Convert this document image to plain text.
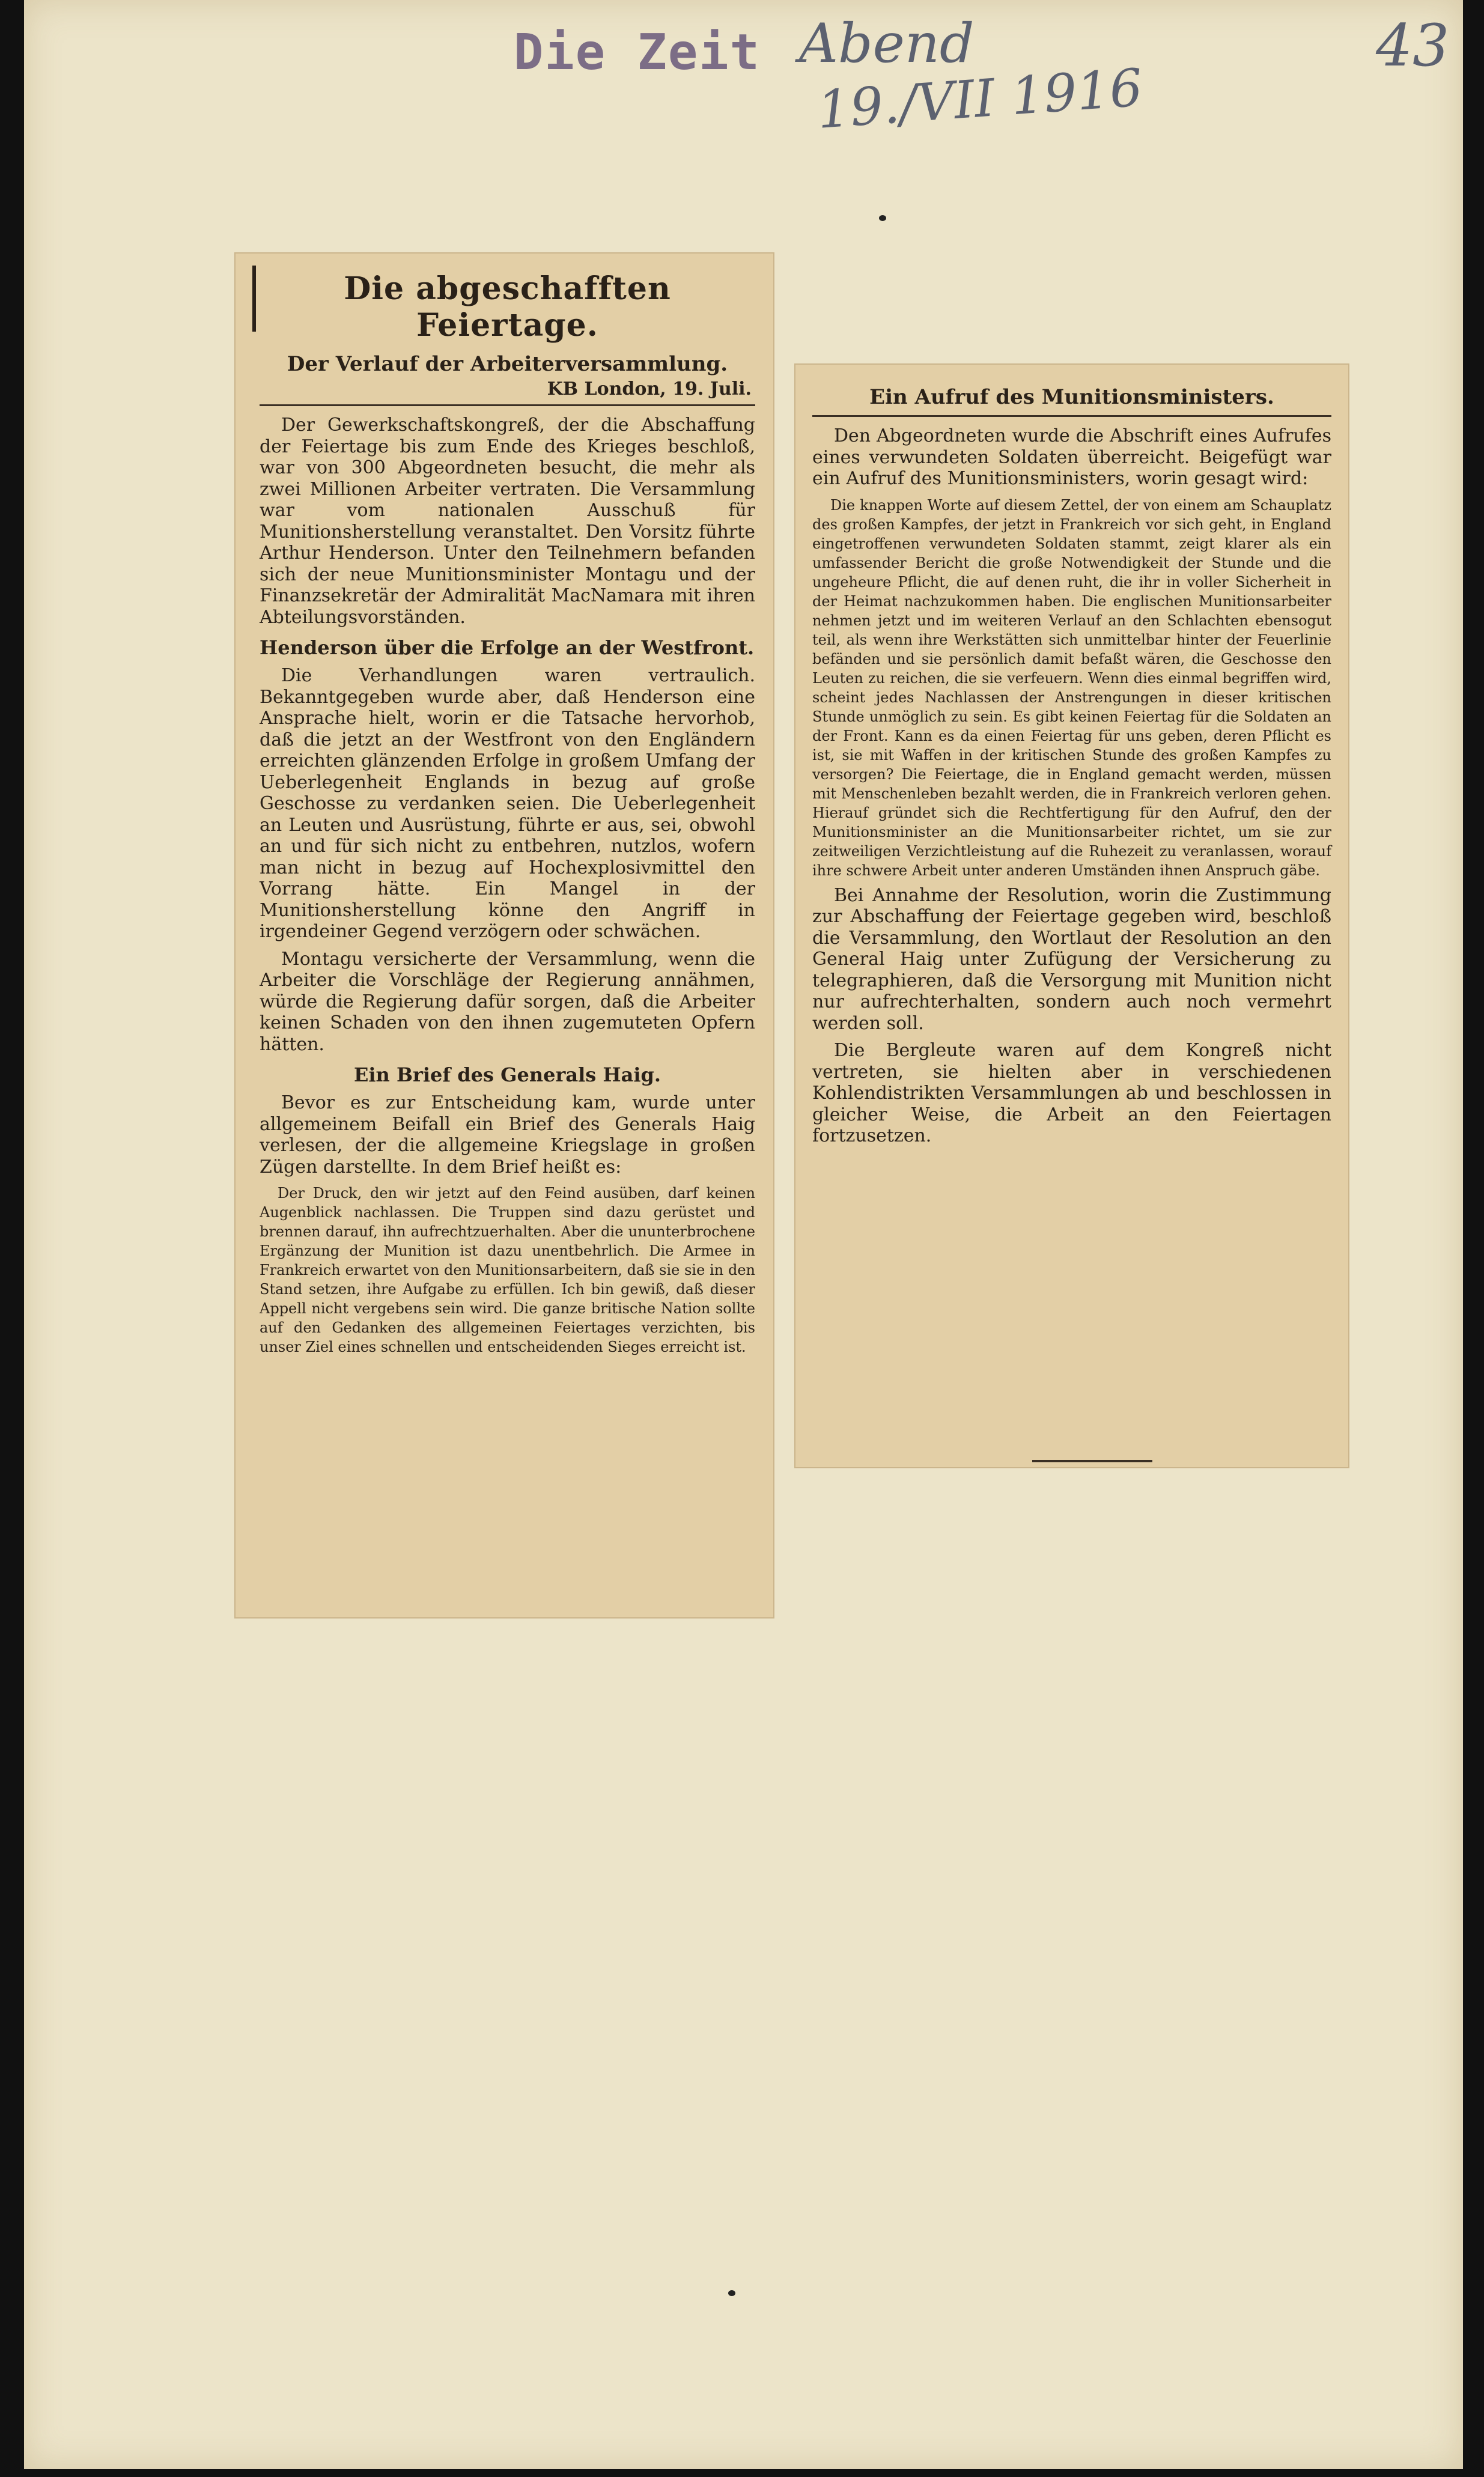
Die Zeit Abend
19./VII 1916
43
Die abgeschafften Feiertage.
Der Verlauf der Arbeiterversammlung.
KB London, 19. Juli.

Der Gewerkschaftskongreß, der die Abschaffung der Feiertage bis zum Ende des Krieges beschloß, war von 300 Abgeordneten besucht, die mehr als zwei Millionen Arbeiter vertraten. Die Versammlung war vom nationalen Ausschuß für Munitionsherstellung veranstaltet. Den Vorsitz führte Arthur Henderson. Unter den Teilnehmern befanden sich der neue Munitionsminister Montagu und der Finanzsekretär der Admiralität MacNamara mit ihren Abteilungsvorständen.

Henderson über die Erfolge an der Westfront.

Die Verhandlungen waren vertraulich. Bekanntgegeben wurde aber, daß Henderson eine Ansprache hielt, worin er die Tatsache hervorhob, daß die jetzt an der Westfront von den Engländern erreichten glänzenden Erfolge in großem Umfang der Ueberlegenheit Englands in bezug auf große Geschosse zu verdanken seien. Die Ueberlegenheit an Leuten und Ausrüstung, führte er aus, sei, obwohl an und für sich nicht zu entbehren, nutzlos, wofern man nicht in bezug auf Hochexplosivmittel den Vorrang hätte. Ein Mangel in der Munitionsherstellung könne den Angriff in irgendeiner Gegend verzögern oder schwächen.

Montagu versicherte der Versammlung, wenn die Arbeiter die Vorschläge der Regierung annähmen, würde die Regierung dafür sorgen, daß die Arbeiter keinen Schaden von den ihnen zugemuteten Opfern hätten.

Ein Brief des Generals Haig.

Bevor es zur Entscheidung kam, wurde unter allgemeinem Beifall ein Brief des Generals Haig verlesen, der die allgemeine Kriegslage in großen Zügen darstellte. In dem Brief heißt es:

Der Druck, den wir jetzt auf den Feind ausüben, darf keinen Augenblick nachlassen. Die Truppen sind dazu gerüstet und brennen darauf, ihn aufrechtzuerhalten. Aber die ununterbrochene Ergänzung der Munition ist dazu unentbehrlich. Die Armee in Frankreich erwartet von den Munitionsarbeitern, daß sie sie in den Stand setzen, ihre Aufgabe zu erfüllen. Ich bin gewiß, daß dieser Appell nicht vergebens sein wird. Die ganze britische Nation sollte auf den Gedanken des allgemeinen Feiertages verzichten, bis unser Ziel eines schnellen und entscheidenden Sieges erreicht ist.

Ein Aufruf des Munitionsministers.

Den Abgeordneten wurde die Abschrift eines Aufrufes eines verwundeten Soldaten überreicht. Beigefügt war ein Aufruf des Munitionsministers, worin gesagt wird:

Die knappen Worte auf diesem Zettel, der von einem am Schauplatz des großen Kampfes, der jetzt in Frankreich vor sich geht, in England eingetroffenen verwundeten Soldaten stammt, zeigt klarer als ein umfassender Bericht die große Notwendigkeit der Stunde und die ungeheure Pflicht, die auf denen ruht, die ihr in voller Sicherheit in der Heimat nachzukommen haben. Die englischen Munitionsarbeiter nehmen jetzt und im weiteren Verlauf an den Schlachten ebensogut teil, als wenn ihre Werkstätten sich unmittelbar hinter der Feuerlinie befänden und sie persönlich damit befaßt wären, die Geschosse den Leuten zu reichen, die sie verfeuern. Wenn dies einmal begriffen wird, scheint jedes Nachlassen der Anstrengungen in dieser kritischen Stunde unmöglich zu sein. Es gibt keinen Feiertag für die Soldaten an der Front. Kann es da einen Feiertag für uns geben, deren Pflicht es ist, sie mit Waffen in der kritischen Stunde des großen Kampfes zu versorgen? Die Feiertage, die in England gemacht werden, müssen mit Menschenleben bezahlt werden, die in Frankreich verloren gehen. Hierauf gründet sich die Rechtfertigung für den Aufruf, den der Munitionsminister an die Munitionsarbeiter richtet, um sie zur zeitweiligen Verzichtleistung auf die Ruhezeit zu veranlassen, worauf ihre schwere Arbeit unter anderen Umständen ihnen Anspruch gäbe.

Bei Annahme der Resolution, worin die Zustimmung zur Abschaffung der Feiertage gegeben wird, beschloß die Versammlung, den Wortlaut der Resolution an den General Haig unter Zufügung der Versicherung zu telegraphieren, daß die Versorgung mit Munition nicht nur aufrechterhalten, sondern auch noch vermehrt werden soll.

Die Bergleute waren auf dem Kongreß nicht vertreten, sie hielten aber in verschiedenen Kohlendistrikten Versammlungen ab und beschlossen in gleicher Weise, die Arbeit an den Feiertagen fortzusetzen.
